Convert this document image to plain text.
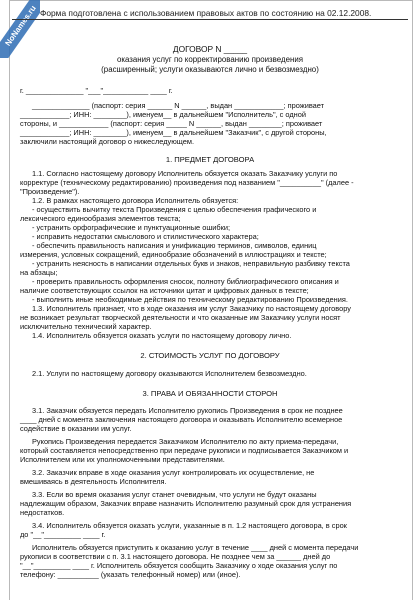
NoNames.ru Форма подготовлена с использованием правовых актов по состоянию на 02.12.2008.
ДОГОВОР N _____
оказания услуг по корректированию произведения
(расширенный; услуги оказываются лично и безвозмездно)
г. ______________ "___"___________ ____ г.
______________ (паспорт: серия ______ N ______, выдан ____________; проживает
____________; ИНН: ________), именуем__ в дальнейшем "Исполнитель", с одной
стороны, и ____________ (паспорт: серия _____ N ______, выдан ________; проживает
____________; ИНН: ________), именуем__ в дальнейшем "Заказчик", с другой стороны,
заключили настоящий договор о нижеследующем.
1. ПРЕДМЕТ ДОГОВОРА
1.1. Согласно настоящему договору Исполнитель обязуется оказать Заказчику услуги по
корректуре (техническому редактированию) произведения под названием "__________" (далее -
"Произведение").
1.2. В рамках настоящего договора Исполнитель обязуется:
- осуществить вычитку текста Произведения с целью обеспечения графического и
лексического единообразия элементов текста;
- устранить орфографические и пунктуационные ошибки;
- исправить недостатки смыслового и стилистического характера;
- обеспечить правильность написания и унификацию терминов, символов, единиц
измерения, условных сокращений, единообразие обозначений в иллюстрациях и тексте;
- устранить неясность в написании отдельных букв и знаков, неправильную разбивку текста
на абзацы;
- проверить правильность оформления сносок, полноту библиографического описания и
наличие соответствующих ссылок на источники цитат и цифровых данных в тексте;
- выполнить иные необходимые действия по техническому редактированию Произведения.
1.3. Исполнитель признает, что в ходе оказания им услуг Заказчику по настоящему договору
не возникает результат творческой деятельности и что оказанные им Заказчику услуги носят
исключительно технический характер.
1.4. Исполнитель обязуется оказать услуги по настоящему договору лично.
2. СТОИМОСТЬ УСЛУГ ПО ДОГОВОРУ
2.1. Услуги по настоящему договору оказываются Исполнителем безвозмездно.
3. ПРАВА И ОБЯЗАННОСТИ СТОРОН
3.1. Заказчик обязуется передать Исполнителю рукопись Произведения в срок не позднее
____ дней с момента заключения настоящего договора и оказывать Исполнителю всемерное
содействие в оказании им услуг.
Рукопись Произведения передается Заказчиком Исполнителю по акту приема-передачи,
который составляется непосредственно при передаче рукописи и подписывается Заказчиком и
Исполнителем или их уполномоченными представителями.
3.2. Заказчик вправе в ходе оказания услуг контролировать их осуществление, не
вмешиваясь в деятельность Исполнителя.
3.3. Если во время оказания услуг станет очевидным, что услуги не будут оказаны
надлежащим образом, Заказчик вправе назначить Исполнителю разумный срок для устранения
недостатков.
3.4. Исполнитель обязуется оказать услуги, указанные в п. 1.2 настоящего договора, в срок
до "__"_________ ____ г.
Исполнитель обязуется приступить к оказанию услуг в течение ____ дней с момента передачи
рукописи в соответствии с п. 3.1 настоящего договора. Не позднее чем за ______ дней до
"__"_________ ____ г. Исполнитель обязуется сообщить Заказчику о ходе оказания услуг по
телефону: __________ (указать телефонный номер) или (иное).
